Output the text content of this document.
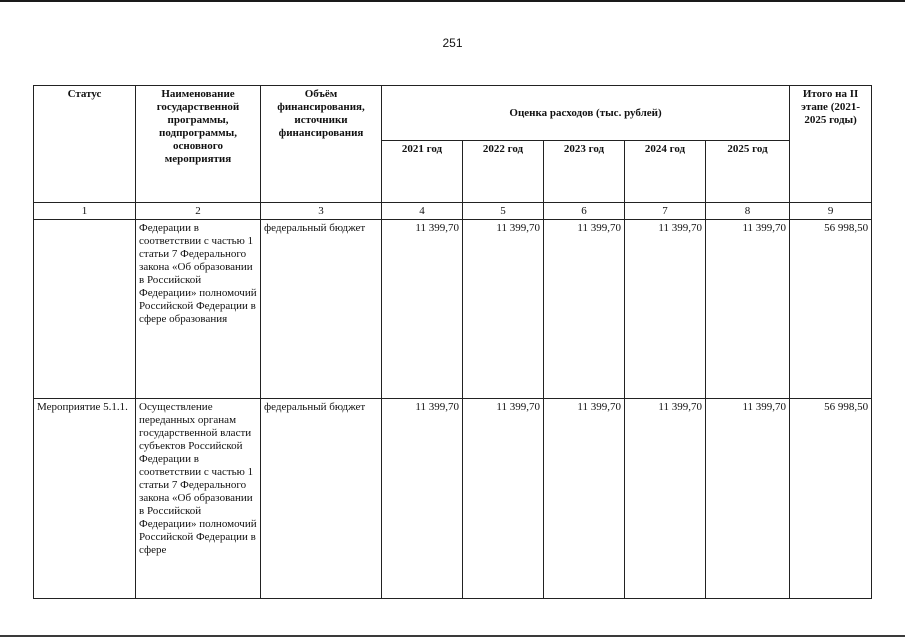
251
Статус	Наименование государственной программы, подпрограммы, основного мероприятия	Объём финансирования, источники финансирования	Оценка расходов (тыс. рублей)					Итого на II этапе (2021-2025 годы)
			2021 год	2022 год	2023 год	2024 год	2025 год	
1	2	3	4	5	6	7	8	9
	Федерации в соответствии с частью 1 статьи 7 Федерального закона «Об образовании в Российской Федерации» полномочий Российской Федерации в сфере образования	федеральный бюджет	11 399,70	11 399,70	11 399,70	11 399,70	11 399,70	56 998,50
Мероприятие 5.1.1.	Осуществление переданных органам государственной власти субъектов Российской Федерации в соответствии с частью 1 статьи 7 Федерального закона «Об образовании в Российской Федерации» полномочий Российской Федерации в сфере	федеральный бюджет	11 399,70	11 399,70	11 399,70	11 399,70	11 399,70	56 998,50
